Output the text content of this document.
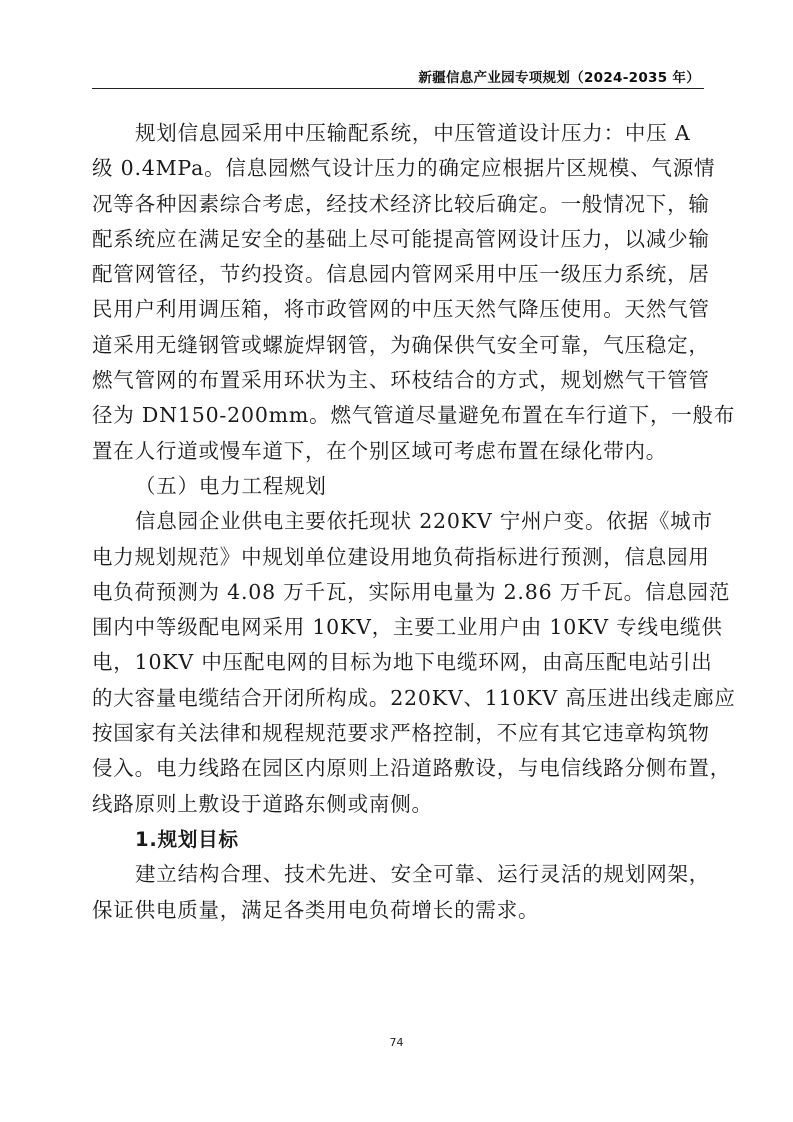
新疆信息产业园专项规划（2024-2035 年）

规划信息园采用中压输配系统，中压管道设计压力：中压 A
级 0.4MPa。信息园燃气设计压力的确定应根据片区规模、气源情
况等各种因素综合考虑，经技术经济比较后确定。一般情况下，输
配系统应在满足安全的基础上尽可能提高管网设计压力，以减少输
配管网管径，节约投资。信息园内管网采用中压一级压力系统，居
民用户利用调压箱，将市政管网的中压天然气降压使用。天然气管
道采用无缝钢管或螺旋焊钢管，为确保供气安全可靠，气压稳定，
燃气管网的布置采用环状为主、环枝结合的方式，规划燃气干管管
径为 DN150-200mm。燃气管道尽量避免布置在车行道下，一般布
置在人行道或慢车道下，在个别区域可考虑布置在绿化带内。

（五）电力工程规划

信息园企业供电主要依托现状 220KV 宁州户变。依据《城市
电力规划规范》中规划单位建设用地负荷指标进行预测，信息园用
电负荷预测为 4.08 万千瓦，实际用电量为 2.86 万千瓦。信息园范
围内中等级配电网采用 10KV，主要工业用户由 10KV 专线电缆供
电，10KV 中压配电网的目标为地下电缆环网，由高压配电站引出
的大容量电缆结合开闭所构成。220KV、110KV 高压进出线走廊应
按国家有关法律和规程规范要求严格控制，不应有其它违章构筑物
侵入。电力线路在园区内原则上沿道路敷设，与电信线路分侧布置，
线路原则上敷设于道路东侧或南侧。

1.规划目标

建立结构合理、技术先进、安全可靠、运行灵活的规划网架，
保证供电质量，满足各类用电负荷增长的需求。

74
